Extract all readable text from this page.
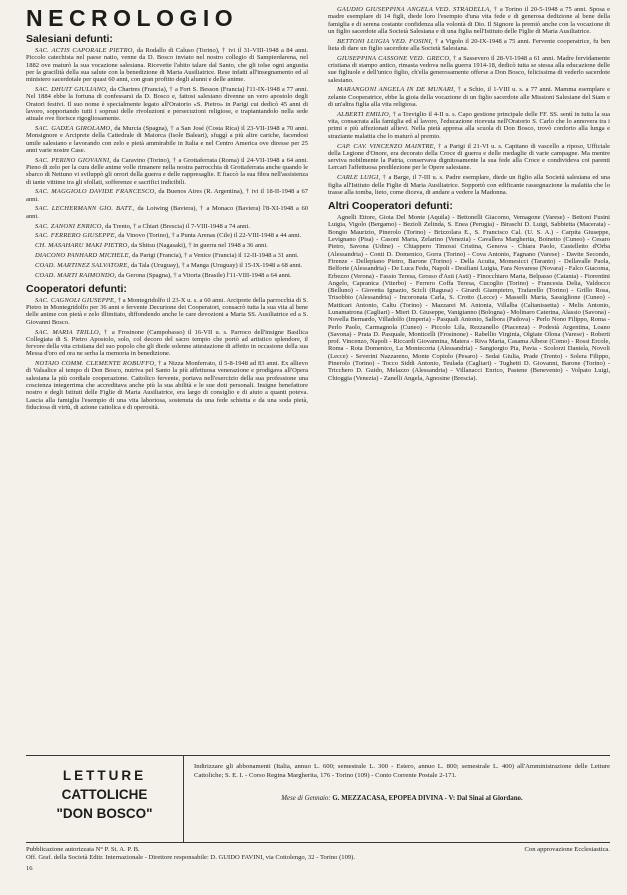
NECROLOGIO
Salesiani defunti:
SAC. ACTIS CAPORALE PIETRO, da Rodallo di Caluso (Torino), † ivi il 31-VIII-1948 a 84 anni. Piccolo catechista nel paese natio, venne da D. Bosco inviato nel nostro collegio di Sampierdarena, nel 1882 ove maturò la sua vocazione salesiana. Ricevette l'abito talare dal Santo, che gli tolse ogni angustia per la gracilità della sua salute con la benedizione di Maria Ausiliatrice. Rese infatti all'insegnamento ed al ministero sacerdotale per quasi 60 anni, con gran profitto degli alunni e delle anime.
SAC. DHUIT GIULIANO, da Chartres (Francia), † a Fort S. Besson (Francia) l'11-IX-1948 a 77 anni. Nel 1884 ebbe la fortuna di confessarsi da D. Bosco e, fattosi salesiano divenne un vero apostolo degli Oratori festivi. Il suo nome è specialmente legato all'Oratorio «S. Pietro» in Parigi cui dedicò 45 anni di lavoro, sopportando tutti i soprusi delle rivoluzioni e persecuzioni religiose, e trapiantandolo nella sede attuale ove fiorisce rigogliosamente.
SAC. GADEA GIROLAMO, da Murcia (Spagna), † a San José (Costa Rica) il 23-VII-1948 a 70 anni. Monsignore e Arciprete della Cattedrale di Maiorca (Isole Baleari), sfuggì a più altre cariche, facendosi umile salesiano e lavorando con zelo e pietà ammirabile in Italia e nel Centro America ove diresse per 25 anni varie nostre Case.
SAC. PERINO GIOVANNI, da Caravino (Torino), † a Grottaferrata (Roma) il 24-VII-1948 a 64 anni. Pieno di zelo per la cura delle anime volle rimanere nella nostra parrocchia di Grottaferrata anche quando le sbarco di Nettuno vi sviluppò gli orrori della guerra e delle rappresaglie. E fiaccò la sua fibra nell'assistenza di tante vittime tra gli sfollati, sofferenze e sacrifici indicibili.
SAC. MAGGIOLO DAVIDE FRANCESCO, da Buenos Aires (R. Argentina), † ivi il 18-II-1948 a 67 anni.
SAC. LECHERMANN GIO. BATT., da Loiwing (Baviera), † a Monaco (Baviera) l'8-XI-1948 a 60 anni.
SAC. ZANONI ENRICO, da Trento, † a Chiari (Brescia) il 7-VIII-1948 a 74 anni.
SAC. FERRERO GIUSEPPE, da Vinovo (Torino), † a Punta Arenas (Cile) il 22-VIII-1948 a 44 anni.
CH. MASAHARU MAKI PIETRO, da Shitsu (Nagasaki), † in guerra nel 1948 a 36 anni.
DIACONO PANHARD MICHELE, da Parigi (Francia), † a Venice (Francia) il 12-II-1948 a 31 anni.
COAD. MARTINEZ SALVATORE, da Tala (Uruguay), † a Manga (Uruguay) il 15-IX-1948 a 68 anni.
COAD. MARTI RAIMONDO, da Gerona (Spagna), † a Vitoria (Brasile) l'11-VIII-1948 a 64 anni.
Cooperatori defunti:
SAC. CAGNOLI GIUSEPPE, † a Montegridolfo il 23-X u. s. a 60 anni. Arciprete della parrocchia di S. Pietro in Montegridolfo per 36 anni e fervente Decurione dei Cooperatori, consacrò tutta la sua vita al bene delle anime con pietà e zelo illimitato, diffondendo anche le care devozioni a Maria SS. Ausiliatrice ed a S. Giovanni Bosco.
SAC. MARIA TRILLO, † a Frosinone (Campobasso) il 16-VII u. s. Parroco dell'insigne Basilica Collegiata di S. Pietro Apostolo, solo, col decoro del sacro tempio che portò ad artistico splendore, il fervore della vita cristiana del suo popolo che gli diede solenne attestazione di affetto in occasione della sua Messa d'oro ed ora ne serba la memoria in benedizione.
NOTAIO COMM. CLEMENTE ROBUFFO, † a Nizza Monferrato, il 5-8-1948 ad 83 anni. Ex allievo di Valsalice al tempo di Don Bosco, nutriva pel Santo la più affettuosa venerazione e prodigava all'Opera salesiana la più cordiale cooperazione. Cattolico fervente, portava nell'esercizio della sua professione una coscienza integerrima che accreditava anche più la sua abilità e le sue doti personali. Insigne benefattore nostro e degli Istituti delle Figlie di Maria Ausiliatrice, era largo di consiglio e di aiuto a quanti poteva. Lascia alla famiglia l'esempio di una vita laboriosa, sostenuta da una fede schietta e da una soda pietà, fiduciosa di virtù, di azione cattolica e di operosità.
GAUDIO GIUSEPPINA ANGELA VED. STRADELLA, † a Torino il 20-5-1948 a 75 anni. Sposa e madre esemplare di 14 figli, diede loro l'esempio d'una vita fede e di generosa dedizione al bene della famiglia e di serena costante confidenza alla volontà di Dio. Il Signore la premiò anche con la vocazione di un figlio sacerdote alla Società Salesiana e di una figlia nell'Istituto delle Figlie di Maria Ausiliatrice.
BETTONI LUIGIA VED. FOSINI, † a Vigolo il 20-IX-1948 a 75 anni. Fervente cooperatrice, fu ben lieta di dare un figlio sacerdote alla Società Salesiana.
GIUSEPPINA CASSONE VED. GRECO, † a Sassevero il 28-VI-1948 a 61 anni. Madre fervidamente cristiana di stampo antico, rimasta vedova nella guerra 1914-18, dedicò tutta se stessa alla educazione delle sue figliuole e dell'unico figlio, ch'ella generosamente offerse a Don Bosco, felicissima di vederlo sacerdote salesiano.
MARANGONI ANGELA IN DE MUNARI, † a Schio, il 1-VIII u. s. a 77 anni. Mamma esemplare e zelante Cooperatrice, ebbe la gioia della vocazione di un figlio sacerdote alle Missioni Salesiane del Siam e di un'altra figlia alla vita religiosa.
ALBERTI EMILIO, † a Treviglio il 4-II u. s. Capo gestione principale delle FF. SS. sentì in tutta la sua vita, consacrata alla famiglia ed al lavoro, l'educazione ricevuta nell'Oratorio S. Carlo che lo annovera tra i primi e più affezionati allievi. Nella pietà appresa alla scuola di Don Bosco, trovò conforto alla lunga e straziante malattia che lo maturò al premio.
CAP. CAV. VINCENZO MAINTRE, † a Parigi il 21-VI u. s. Capitano di vascello a riposo, Ufficiale della Legione d'Onore, era decorato della Croce di guerra e delle medaglie di varie campagne. Ma mentre serviva nobilmente la Patria, conservava dignitosamente la sua fede alla Croce e condivideva coi parenti Lercari l'affettuosa predilezione per le Opere salesiane.
CARLE LUIGI, † a Barge, il 7-III u. s. Padre esemplare, diede un figlio alla Società salesiana ed una figlia all'Istituto delle Figlie di Maria Ausiliatrice. Sopportò con edificante rassegnazione la malattia che lo trasse alla tomba, lieto, come diceva, di andare a vedere la Madonna.
Altri Cooperatori defunti:

Agnelli Ettore, Gioia Del Monte (Aquila) - Bettonelli Giacomo, Vemagone (Varese) - Bettoni Fusini Luigia, Vigolo (Bergamo) - Bezioli Zelinda, S. Enea (Perugia) - Biraschi D. Luigi, Sabbietta (Macerata) - Bongio Maurizio, Pinerolo (Torino) - Brizzolara E., S. Francisco Cal. (U. S. A.) - Carpita Giuseppe, Levignano (Pisa) - Casoni Maria, Zelarino (Venezia) - Cavallera Margherita, Boinetto (Cuneo) - Cesaro Pietro, Savona (Udine) - Chiappero Timossi Cristina, Genova - Chiara Paolo, Castelletto d'Orba (Alessandria) - Conti D. Domenico, Gorra (Torino) - Cova Antonio, Fagnano (Varese) - Davite Secondo, Firenze - Dellepiano Pietro, Barone (Torino) - Della Acuita, Momesicci (Taranto) - Dellavalle Paola, Belforte (Alessandria) - De Luca Fedu, Napoli - Desiliani Luigia, Fara Novarese (Novara) - Falco Giacoma, Erbezzo (Verona) - Fassio Teresa, Grosso d'Asti (Asti) - Finocchiaro Maria, Belpasso (Catania) - Fiorentini Angelo, Capranica (Viterbo) - Ferrero Coffa Teresa, Cucoglio (Torino) - Francesia Delia, Valdocco (Belluno) - Giovetta Ignazio, Scicli (Ragusa) - Girardi Giampietro, Trafarello (Torino) - Grillo Rosa, Trisobbio (Alessandria) - Incoronata Carla, S. Crotto (Lecce) - Masselli Maria, Sassiglione (Cuneo) - Matticari Antonio, Caltu (Torino) - Mazzarei M. Antonia, Villalba (Caltanissetta) - Melis Antonio, Lunamatrona (Cagliari) - Mieri D. Giuseppe, Vanigianno (Bologna) - Molinaro Caterina, Alassio (Savona) - Novella Bernardo, Villadolfo (Imperia) - Pasquali Antonio, Salbora (Padova) - Perlo Nono Filippo, Roma - Perlo Paolo, Carmagnola (Cuneo) - Piccolo Lila, Rezzanello (Piacenza) - Podestà Argentina, Loano (Savona) - Prata D. Pasquale, Monticelli (Frosinone) - Rabellio Virginia, Olgiate Olona (Varese) - Roberti prof. Vincenzo, Napoli - Riccardi Giovannina, Matera - Riva Maria, Casama Albese (Como) - Rossi Ercole, Roma - Rota Domenico, La Montecorta (Alessandria) - Sangiorgio Pia, Pavia - Scolorzi Daniela, Novoli (Lecce) - Severini Nazzareno, Monte Copiolo (Pesaro) - Sedai Giulia, Prade (Trento) - Solera Filippo, Pinerolo (Torino) - Tocco Siddi Antonio, Teulada (Cagliari) - Tughetti D. Giovanni, Barone (Torino) - Tricchero D. Guido, Melazzo (Alessandria) - Villanacci Enrico, Pastene (Benevento) - Volpato Luigi, Chioggia (Venezia) - Zanelli Angela, Agnosine (Brescia).

LETTURE
CATTOLICHE
"DON BOSCO"

Indirizzare gli abbonamenti (Italia, annuo L. 600; semestrale L. 300 - Estero, annuo L. 800; semestrale L. 400) all'Amministrazione delle Letture Cattoliche; S. E. I. - Corso Regina Margherita, 176 - Torino (109) - Conto Corrente Postale 2-171.

Mese di Gennaio: G. MEZZACASA, EPOPEA DIVINA - V: Dal Sinai al Giordano.

Pubblicazione autorizzata N° P. St. A. P. B.	Con approvazione Ecclesiastica.

Off. Graf. della Società Editr. Internazionale - Direttore responsabile: D. GUIDO FAVINI, via Cottolengo, 32 - Torino (109).

16
